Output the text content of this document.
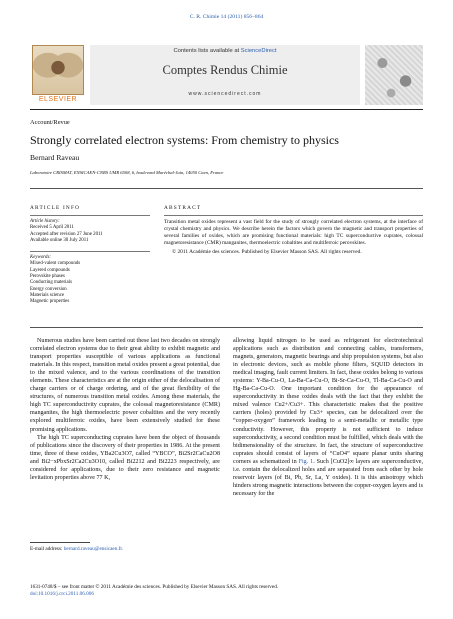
C. R. Chimie 14 (2011) 856–864
ELSEVIER
Contents lists available at ScienceDirect
Comptes Rendus Chimie
www.sciencedirect.com
Account/Revue
Strongly correlated electron systems: From chemistry to physics
Bernard Raveau
Laboratoire CRISMAT, ENSICAEN-CNRS UMR 6508, 6, boulevard Maréchal-Juin, 14050 Caen, France
ARTICLE INFO
Article history:
Received 5 April 2011
Accepted after revision 27 June 2011
Available online 30 July 2011
Keywords:
Mixed-valent compounds
Layered compounds
Perovskite phases
Conducting materials
Energy conversion
Materials science
Magnetic properties
ABSTRACT
Transition metal oxides represent a vast field for the study of strongly correlated electron systems, at the interface of crystal chemistry and physics. We describe herein the factors which govern the magnetic and transport properties of several families of oxides, which are promising functional materials: high TC superconductive cuprates, colossal magnetoresistance (CMR) manganites, thermoelectric cobaltites and multiferroic perovskites.
© 2011 Académie des sciences. Published by Elsevier Masson SAS. All rights reserved.

Numerous studies have been carried out these last two decades on strongly correlated electron systems due to their great ability to exhibit magnetic and transport properties susceptible of various applications as functional materials. In this respect, transition metal oxides present a great potential, due to the mixed valence, and to the various coordinations of the transition elements. These characteristics are at the origin either of the delocalisation of charge carriers or of charge ordering, and of the great flexibility of the structures, of numerous transition metal oxides. Among these materials, the high TC superconductivity cuprates, the colossal magnetoresistance (CMR) manganites, the high thermoelectric power cobaltites and the very recently explored multiferroic oxides, have been extensively studied for these promising applications.

The high TC superconducting cuprates have been the object of thousands of publications since the discovery of their properties in 1986. At the present time, three of these oxides, YBa2Cu3O7, called “YBCO”, Bi2Sr2CaCu2O8 and Bi2−xPbxSr2Ca2Cu3O10, called Bi2212 and Bi2223 respectively, are considered for applications, due to their zero resistance and magnetic levitation properties above 77 K,

allowing liquid nitrogen to be used as refrigerant for electrotechnical applications such as distribution and connecting cables, transformers, magnets, generators, magnetic bearings and ship propulsion systems, but also in electronic devices, such as mobile phone filters, SQUID detectors in medical imaging, fault current limiters. In fact, these oxides belong to various systems: Y-Ba-Cu-O, La-Ba-Ca-Cu-O, Bi-Sr-Ca-Cu-O, Tl-Ba-Ca-Cu-O and Hg-Ba-Ca-Cu-O. One important condition for the appearance of superconductivity in these oxides deals with the fact that they exhibit the mixed valence Cu2+/Cu3+. This characteristic makes that the positive carriers (holes) provided by Cu3+ species, can be delocalized over the “copper-oxygen” framework leading to a semi-metallic or metallic type conductivity. However, this property is not sufficient to induce superconductivity, a second condition must be fulfilled, which deals with the bidimensionality of the structure. In fact, the structure of superconductive cuprates should consist of layers of “CuO4” square planar units sharing corners as schematized in Fig. 1. Such [CuO2]∞ layers are superconductive, i.e. contain the delocalized holes and are separated from each other by hole reservoir layers (of Bi, Pb, Sr, La, Y oxides). It is this anisotropy which hinders strong magnetic interactions between the copper-oxygen layers and is necessary for the

E-mail address: bernard.raveau@ensicaen.fr.
1631-0748/$ – see front matter © 2011 Académie des sciences. Published by Elsevier Masson SAS. All rights reserved.
doi:10.1016/j.crci.2011.06.006
